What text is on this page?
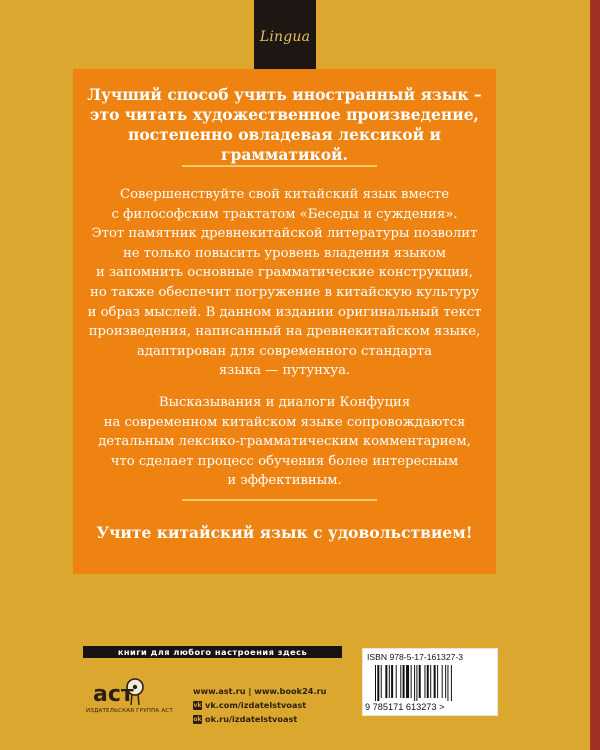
Lingua

Лучший способ учить иностранный язык –
это читать художественное произведение,
постепенно овладевая лексикой и грамматикой.

Совершенствуйте свой китайский язык вместе
с философским трактатом «Беседы и суждения».
Этот памятник древнекитайской литературы позволит
не только повысить уровень владения языком
и запомнить основные грамматические конструкции,
но также обеспечит погружение в китайскую культуру
и образ мыслей. В данном издании оригинальный текст
произведения, написанный на древнекитайском языке,
адаптирован для современного стандарта
языка — путунхуа.

Высказывания и диалоги Конфуция
на современном китайском языке сопровождаются
детальным лексико-грамматическим комментарием,
что сделает процесс обучения более интересным
и эффективным.

Учите китайский язык с удовольствием!

книги для любого настроения здесь
аст
ИЗДАТЕЛЬСКАЯ ГРУППА АСТ
www.ast.ru | www.book24.ru
vk vk.com/izdatelstvoast
ok ok.ru/izdatelstvoast
ISBN 978-5-17-161327-3
9 785171 613273 >
